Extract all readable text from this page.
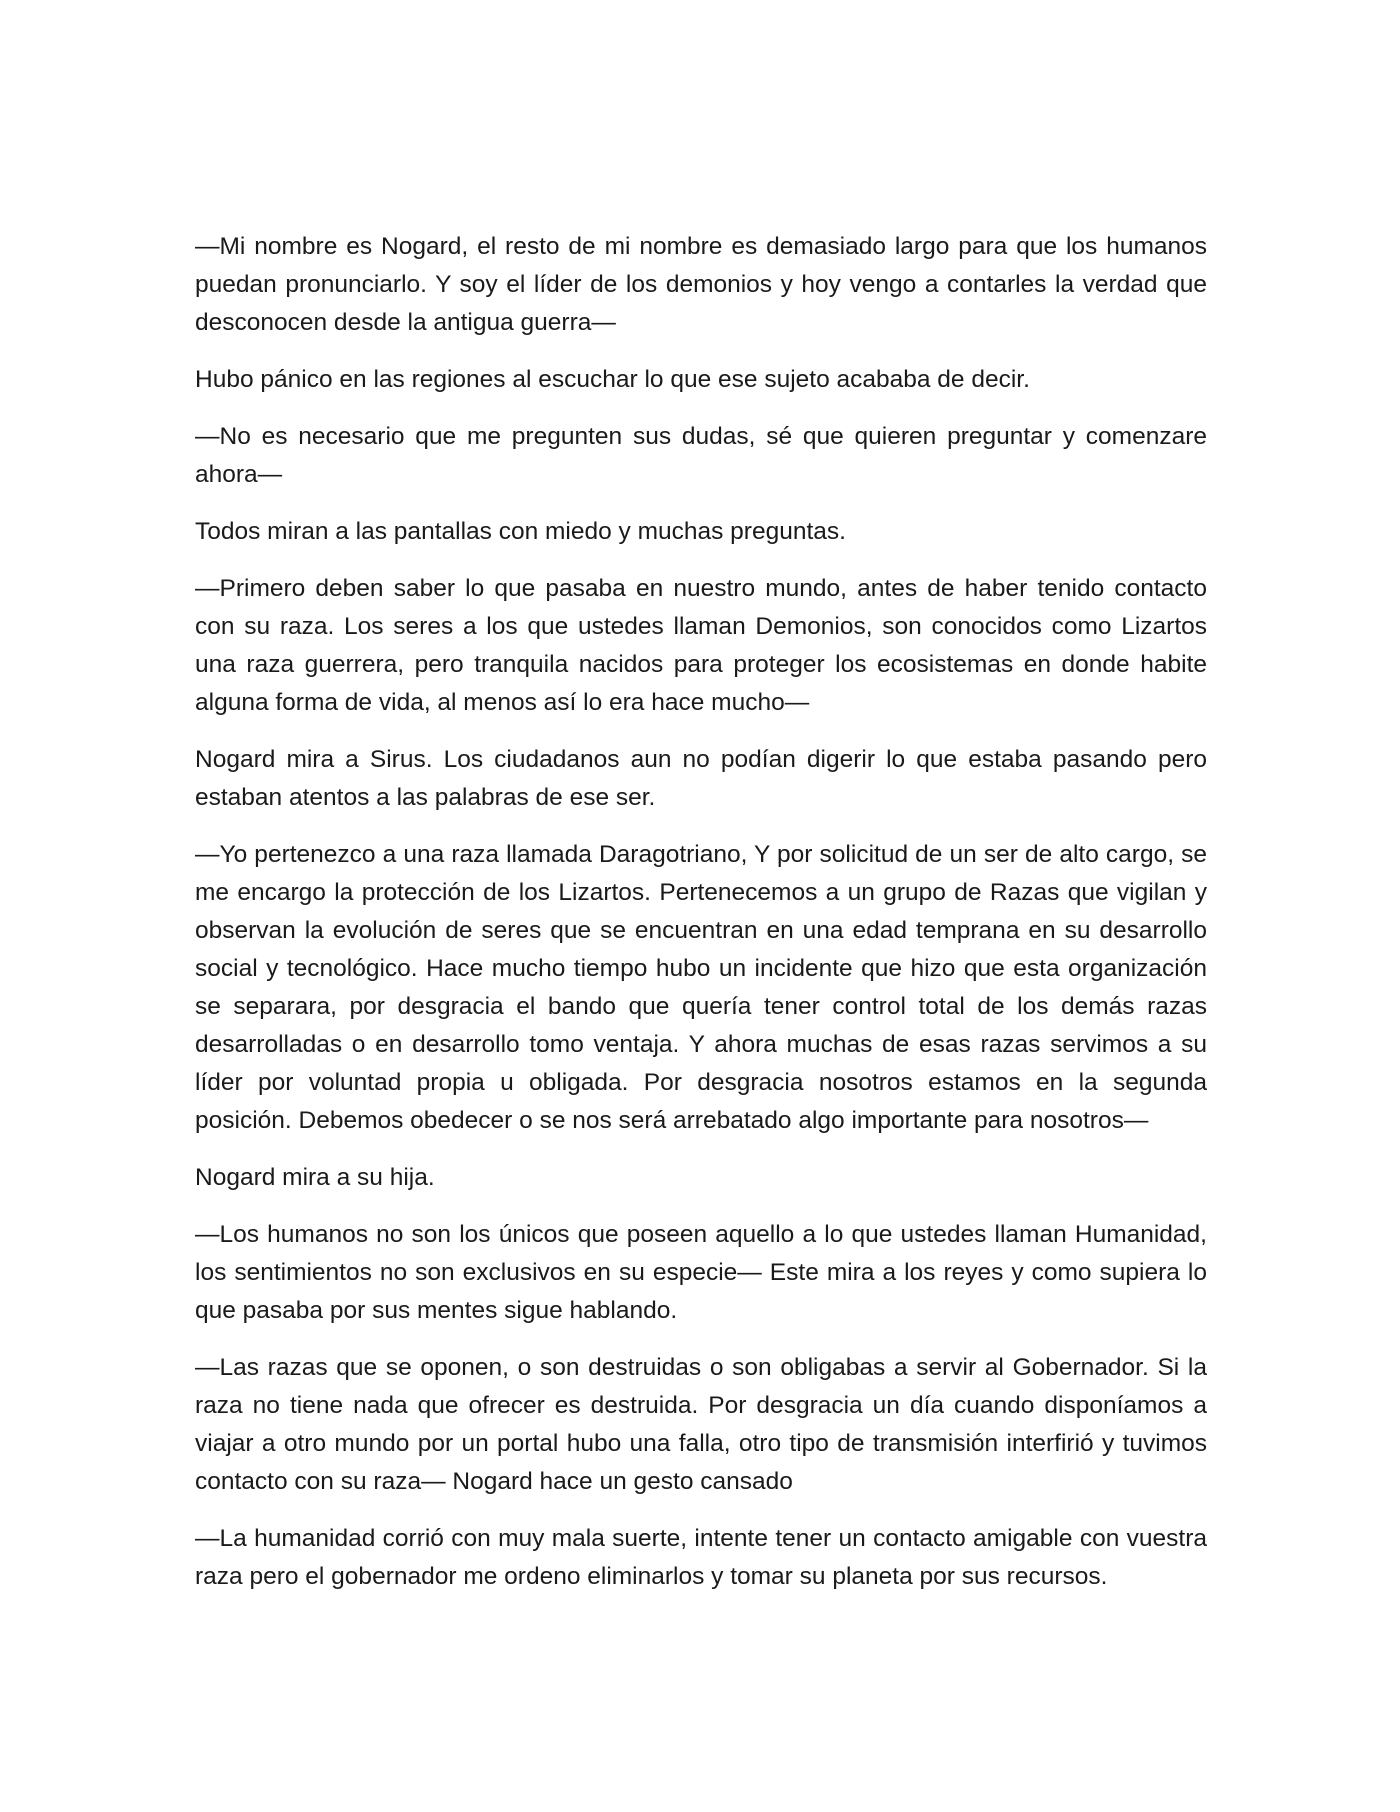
—Mi nombre es Nogard, el resto de mi nombre es demasiado largo para que los humanos puedan pronunciarlo. Y soy el líder de los demonios y hoy vengo a contarles la verdad que desconocen desde la antigua guerra—

Hubo pánico en las regiones al escuchar lo que ese sujeto acababa de decir.

—No es necesario que me pregunten sus dudas, sé que quieren preguntar y comenzare ahora—

Todos miran a las pantallas con miedo y muchas preguntas.

—Primero deben saber lo que pasaba en nuestro mundo, antes de haber tenido contacto con su raza. Los seres a los que ustedes llaman Demonios, son conocidos como Lizartos una raza guerrera, pero tranquila nacidos para proteger los ecosistemas en donde habite alguna forma de vida, al menos así lo era hace mucho—

Nogard mira a Sirus. Los ciudadanos aun no podían digerir lo que estaba pasando pero estaban atentos a las palabras de ese ser.

—Yo pertenezco a una raza llamada Daragotriano, Y por solicitud de un ser de alto cargo, se me encargo la protección de los Lizartos. Pertenecemos a un grupo de Razas que vigilan y observan la evolución de seres que se encuentran en una edad temprana en su desarrollo social y tecnológico. Hace mucho tiempo hubo un incidente que hizo que esta organización se separara, por desgracia el bando que quería tener control total de los demás razas desarrolladas o en desarrollo tomo ventaja. Y ahora muchas de esas razas servimos a su líder por voluntad propia u obligada. Por desgracia nosotros estamos en la segunda posición. Debemos obedecer o se nos será arrebatado algo importante para nosotros—

Nogard mira a su hija.

—Los humanos no son los únicos que poseen aquello a lo que ustedes llaman Humanidad, los sentimientos no son exclusivos en su especie— Este mira a los reyes y como supiera lo que pasaba por sus mentes sigue hablando.

—Las razas que se oponen, o son destruidas o son obligabas a servir al Gobernador. Si la raza no tiene nada que ofrecer es destruida. Por desgracia un día cuando disponíamos a viajar a otro mundo por un portal hubo una falla, otro tipo de transmisión interfirió y tuvimos contacto con su raza— Nogard hace un gesto cansado

—La humanidad corrió con muy mala suerte, intente tener un contacto amigable con vuestra raza pero el gobernador me ordeno eliminarlos y tomar su planeta por sus recursos.
